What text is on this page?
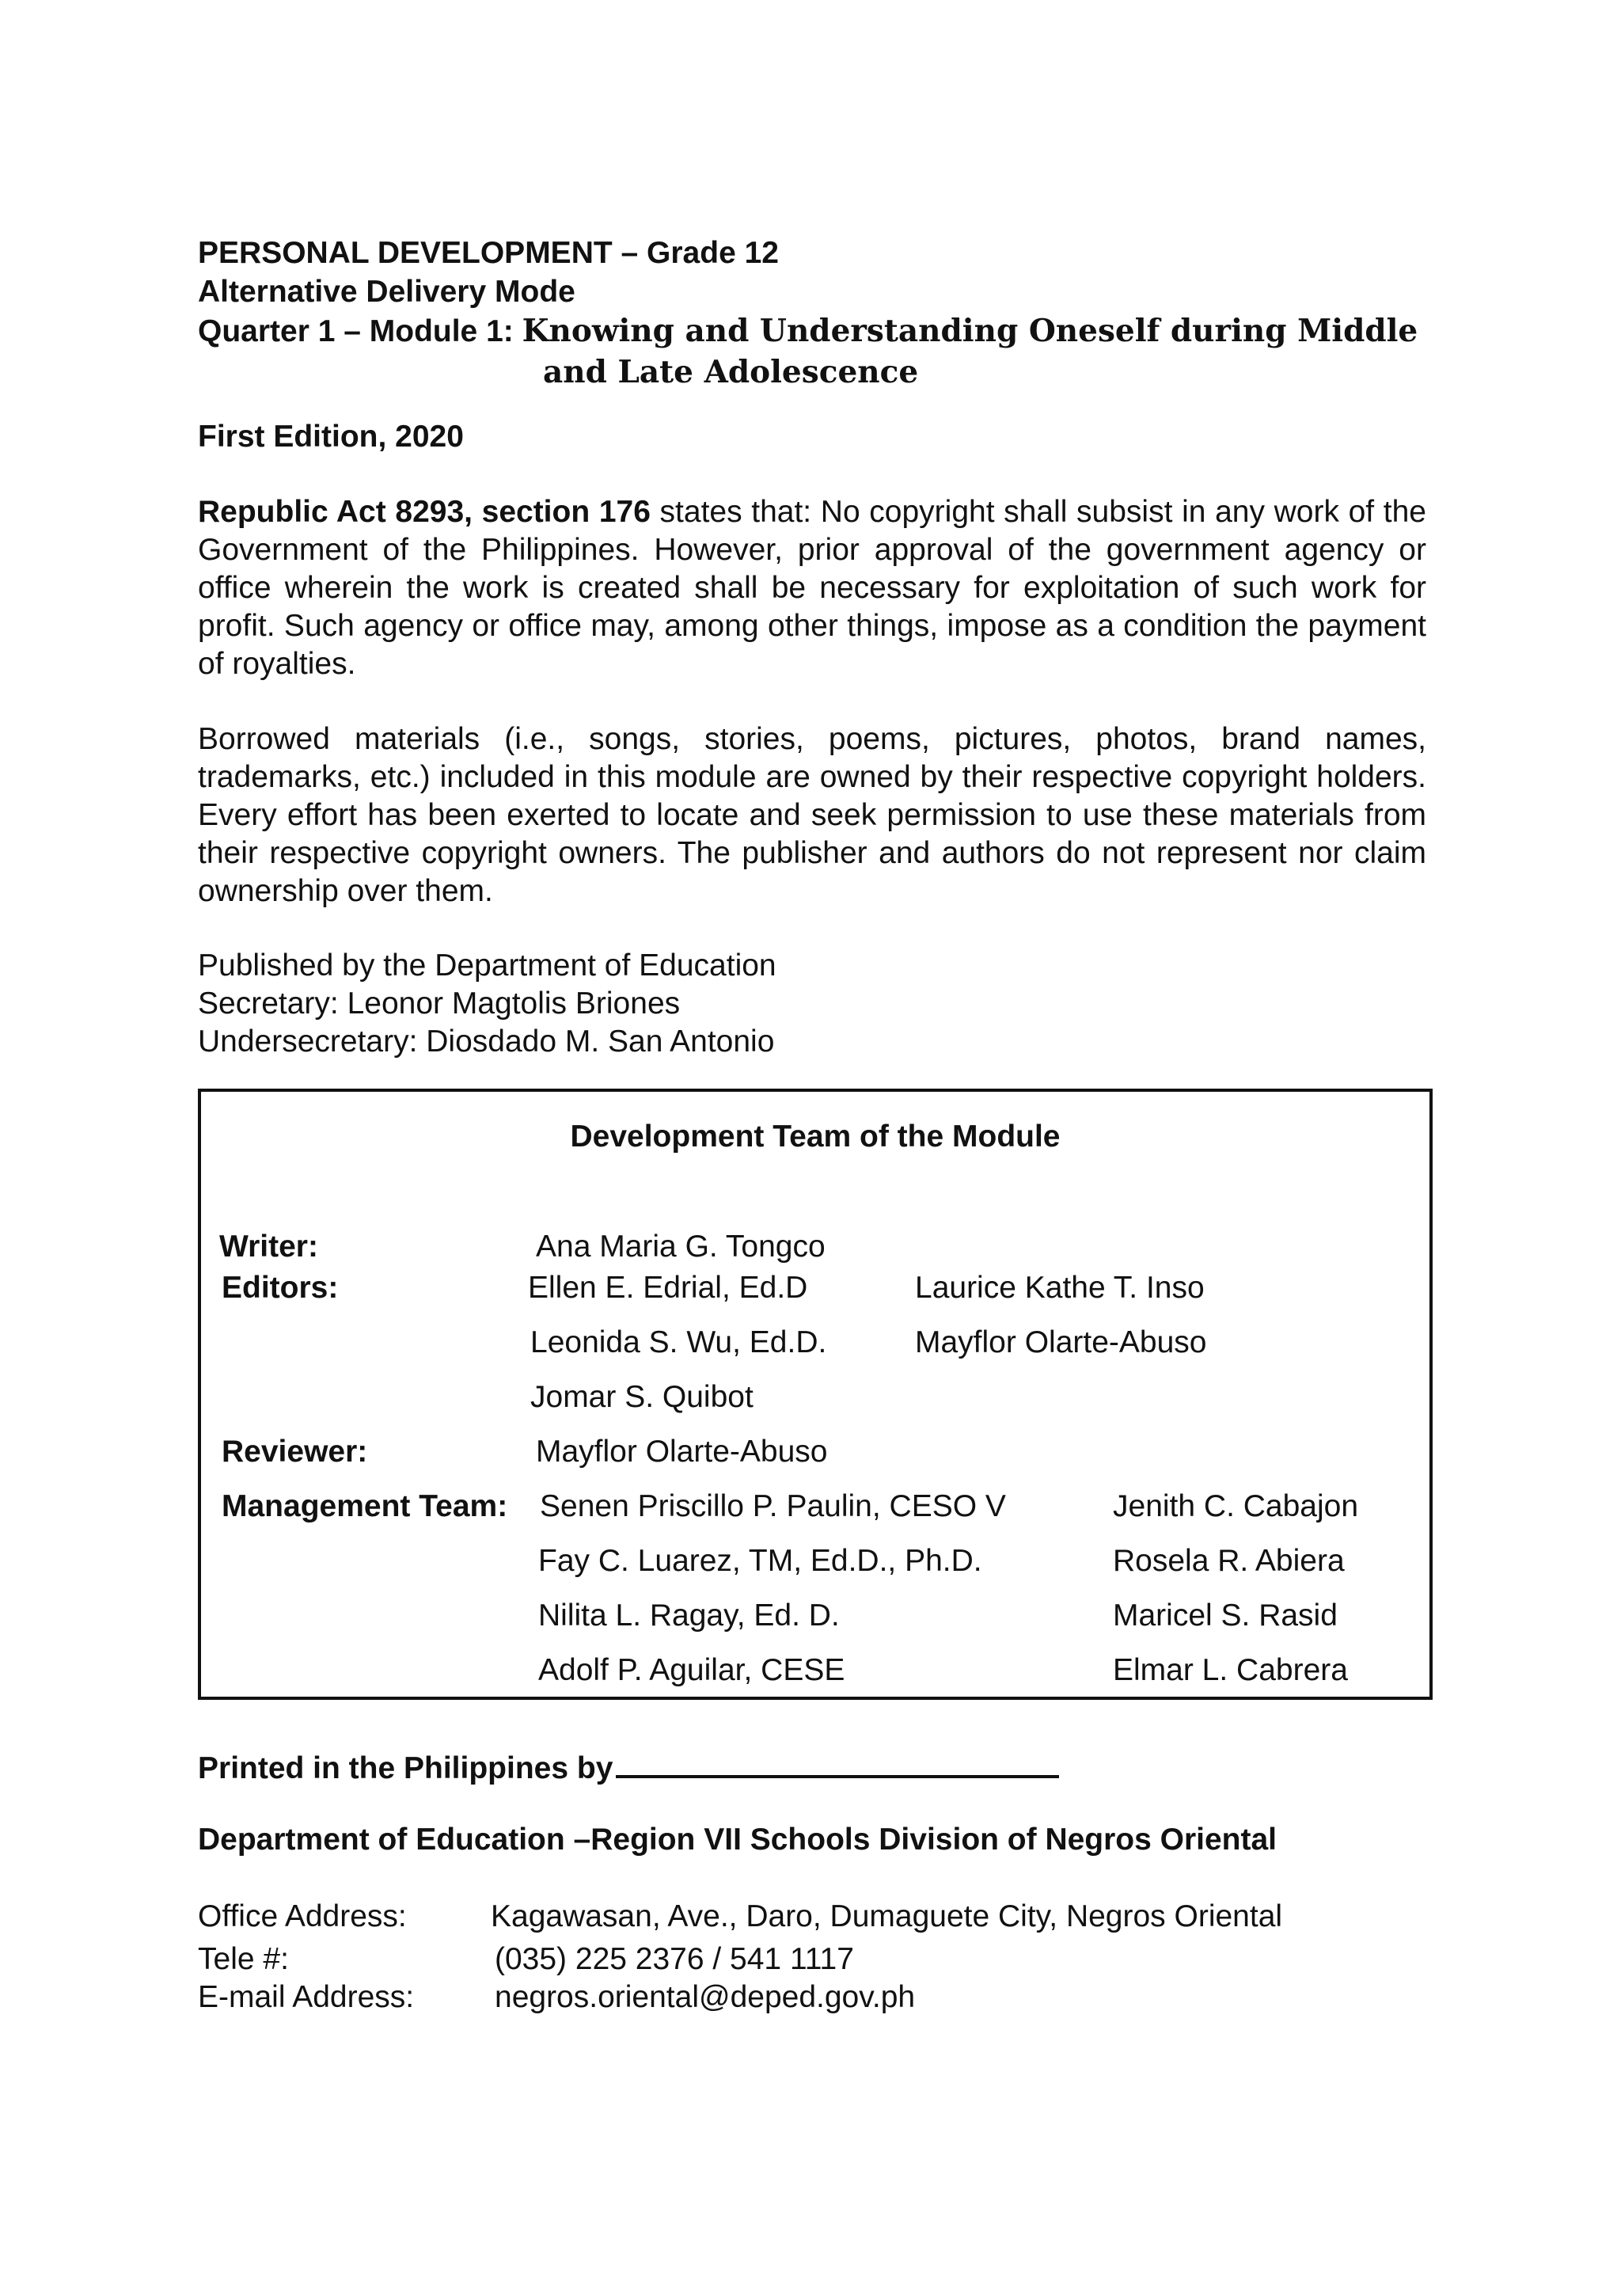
PERSONAL DEVELOPMENT – Grade 12
Alternative Delivery Mode
Quarter 1 – Module 1: Knowing and Understanding Oneself during Middle
and Late Adolescence
First Edition, 2020
Republic Act 8293, section 176 states that: No copyright shall subsist in any work of the Government of the Philippines. However, prior approval of the government agency or office wherein the work is created shall be necessary for exploitation of such work for profit. Such agency or office may, among other things, impose as a condition the payment of royalties.
Borrowed materials (i.e., songs, stories, poems, pictures, photos, brand names, trademarks, etc.) included in this module are owned by their respective copyright holders. Every effort has been exerted to locate and seek permission to use these materials from their respective copyright owners. The publisher and authors do not represent nor claim ownership over them.
Published by the Department of Education
Secretary: Leonor Magtolis Briones
Undersecretary: Diosdado M. San Antonio
Development Team of the Module
Writer:	Ana Maria G. Tongco
Editors:	Ellen E. Edrial, Ed.D	Laurice Kathe T. Inso
Leonida S. Wu, Ed.D.	Mayflor Olarte-Abuso
Jomar S. Quibot
Reviewer:	Mayflor Olarte-Abuso
Management Team: Senen Priscillo P. Paulin, CESO V	Jenith C. Cabajon
Fay C. Luarez, TM, Ed.D., Ph.D.	Rosela R. Abiera
Nilita L. Ragay, Ed. D.	Maricel S. Rasid
Adolf P. Aguilar, CESE	Elmar L. Cabrera
Printed in the Philippines by
Department of Education –Region VII Schools Division of Negros Oriental
Office Address:	Kagawasan, Ave., Daro, Dumaguete City, Negros Oriental
Tele #:	(035) 225 2376 / 541 1117
E-mail Address:	negros.oriental@deped.gov.ph
